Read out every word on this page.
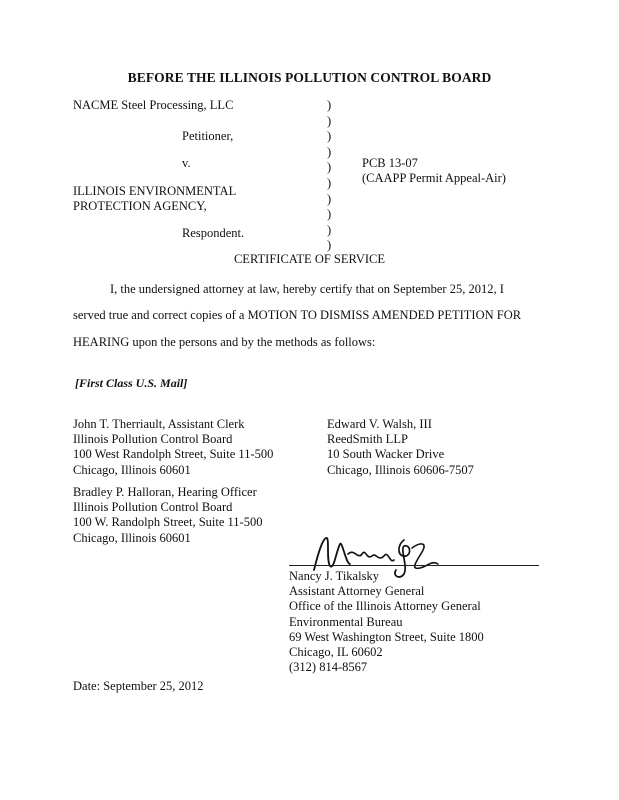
BEFORE THE ILLINOIS POLLUTION CONTROL BOARD
NACME Steel Processing, LLC
Petitioner,
v.
ILLINOIS ENVIRONMENTAL
PROTECTION AGENCY,
Respondent.
)
)
)
)
)
)
)
)
)
)
PCB 13-07
(CAAPP Permit Appeal-Air)
CERTIFICATE OF SERVICE
I, the undersigned attorney at law, hereby certify that on September 25, 2012, I
served true and correct copies of a MOTION TO DISMISS AMENDED PETITION FOR
HEARING upon the persons and by the methods as follows:
[First Class U.S. Mail]
John T. Therriault, Assistant Clerk
Illinois Pollution Control Board
100 West Randolph Street, Suite 11-500
Chicago, Illinois 60601
Edward V. Walsh, III
ReedSmith LLP
10 South Wacker Drive
Chicago, Illinois 60606-7507
Bradley P. Halloran, Hearing Officer
Illinois Pollution Control Board
100 W. Randolph Street, Suite 11-500
Chicago, Illinois 60601
Nancy J. Tikalsky
Assistant Attorney General
Office of the Illinois Attorney General
Environmental Bureau
69 West Washington Street, Suite 1800
Chicago, IL 60602
(312) 814-8567
Date: September 25, 2012
